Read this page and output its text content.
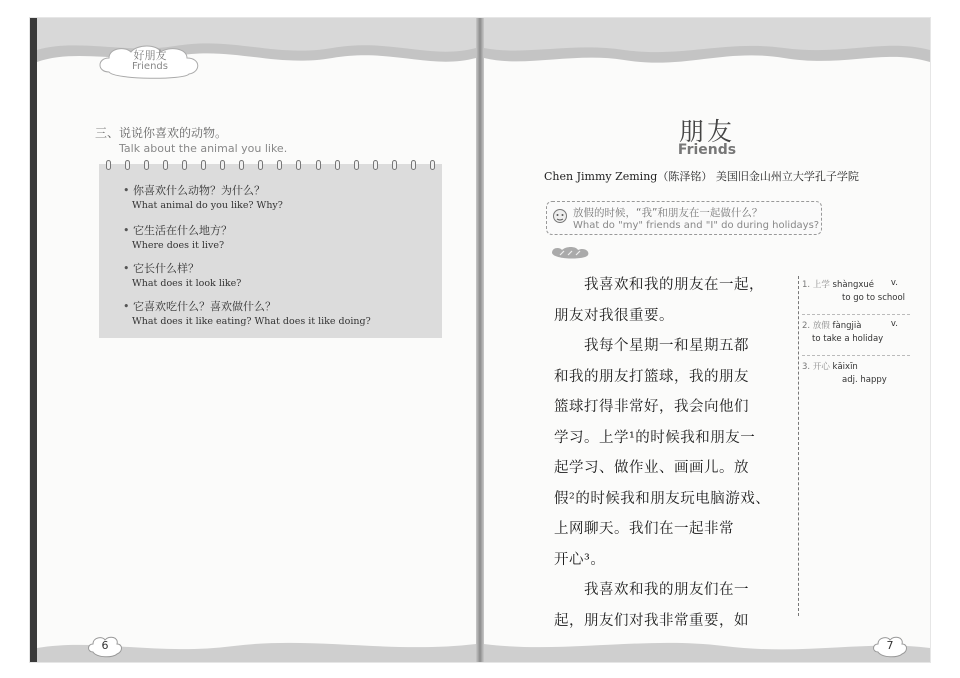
好朋友
Friends
三、说说你喜欢的动物。
Talk about the animal you like.
• 你喜欢什么动物？为什么？
What animal do you like? Why?
• 它生活在什么地方？
Where does it live?
• 它长什么样？
What does it look like?
• 它喜欢吃什么？喜欢做什么？
What does it like eating? What does it like doing?
6
朋友
Friends
Chen Jimmy Zeming（陈泽铭） 美国旧金山州立大学孔子学院
放假的时候，“我”和朋友在一起做什么？
What do "my" friends and "I" do during holidays?
我喜欢和我的朋友在一起，
朋友对我很重要。
我每个星期一和星期五都
和我的朋友打篮球，我的朋友
篮球打得非常好，我会向他们
学习。上学¹的时候我和朋友一
起学习、做作业、画画儿。放
假²的时候我和朋友玩电脑游戏、
上网聊天。我们在一起非常
开心³。
我喜欢和我的朋友们在一
起，朋友们对我非常重要，如
1. 上学 shàngxué v.
to go to school
2. 放假 fàngjià	v.
to take a holiday
3. 开心 kāixīn
adj. happy
7
